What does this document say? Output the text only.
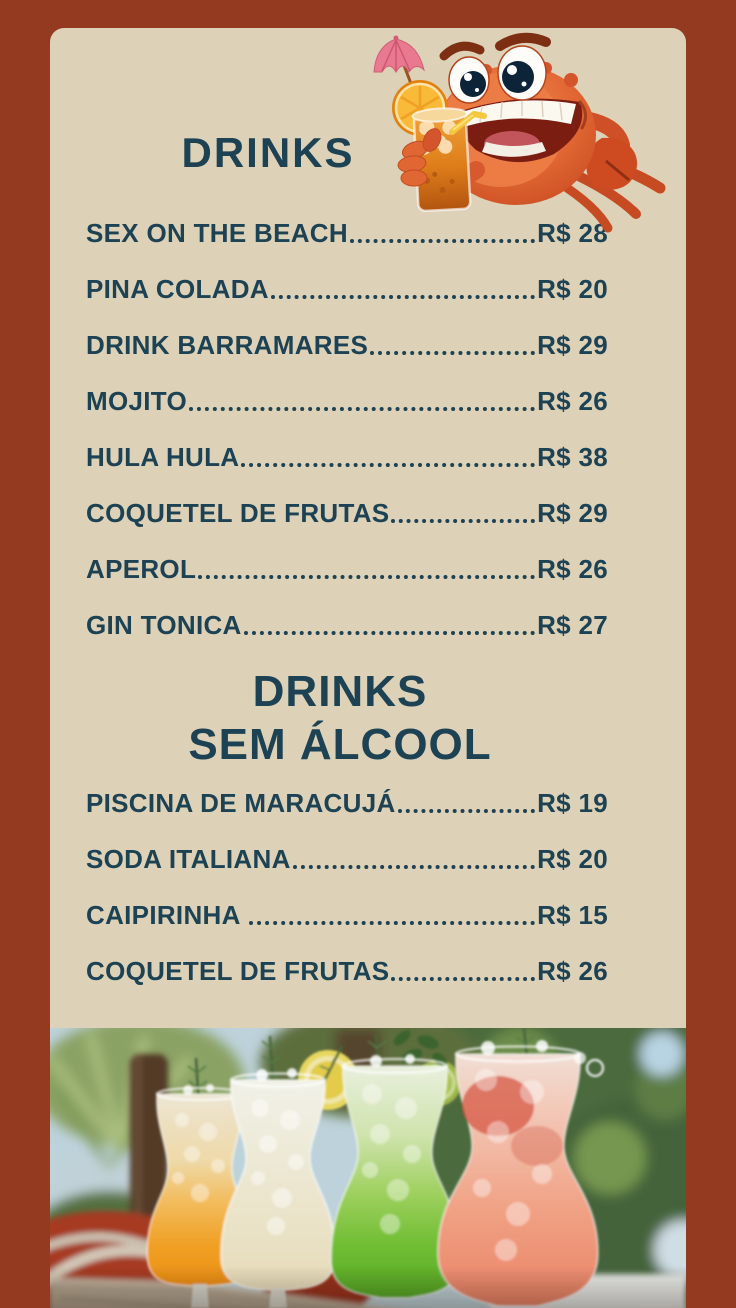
DRINKS
SEX ON THE BEACH	R$ 28
PINA COLADA	R$ 20
DRINK BARRAMARES	R$ 29
MOJITO	R$ 26
HULA HULA	R$ 38
COQUETEL DE FRUTAS	R$ 29
APEROL	R$ 26
GIN TONICA	R$ 27
DRINKS
SEM ÁLCOOL
PISCINA DE MARACUJÁ	R$ 19
SODA ITALIANA	R$ 20
CAIPIRINHA	R$ 15
COQUETEL DE FRUTAS	R$ 26
